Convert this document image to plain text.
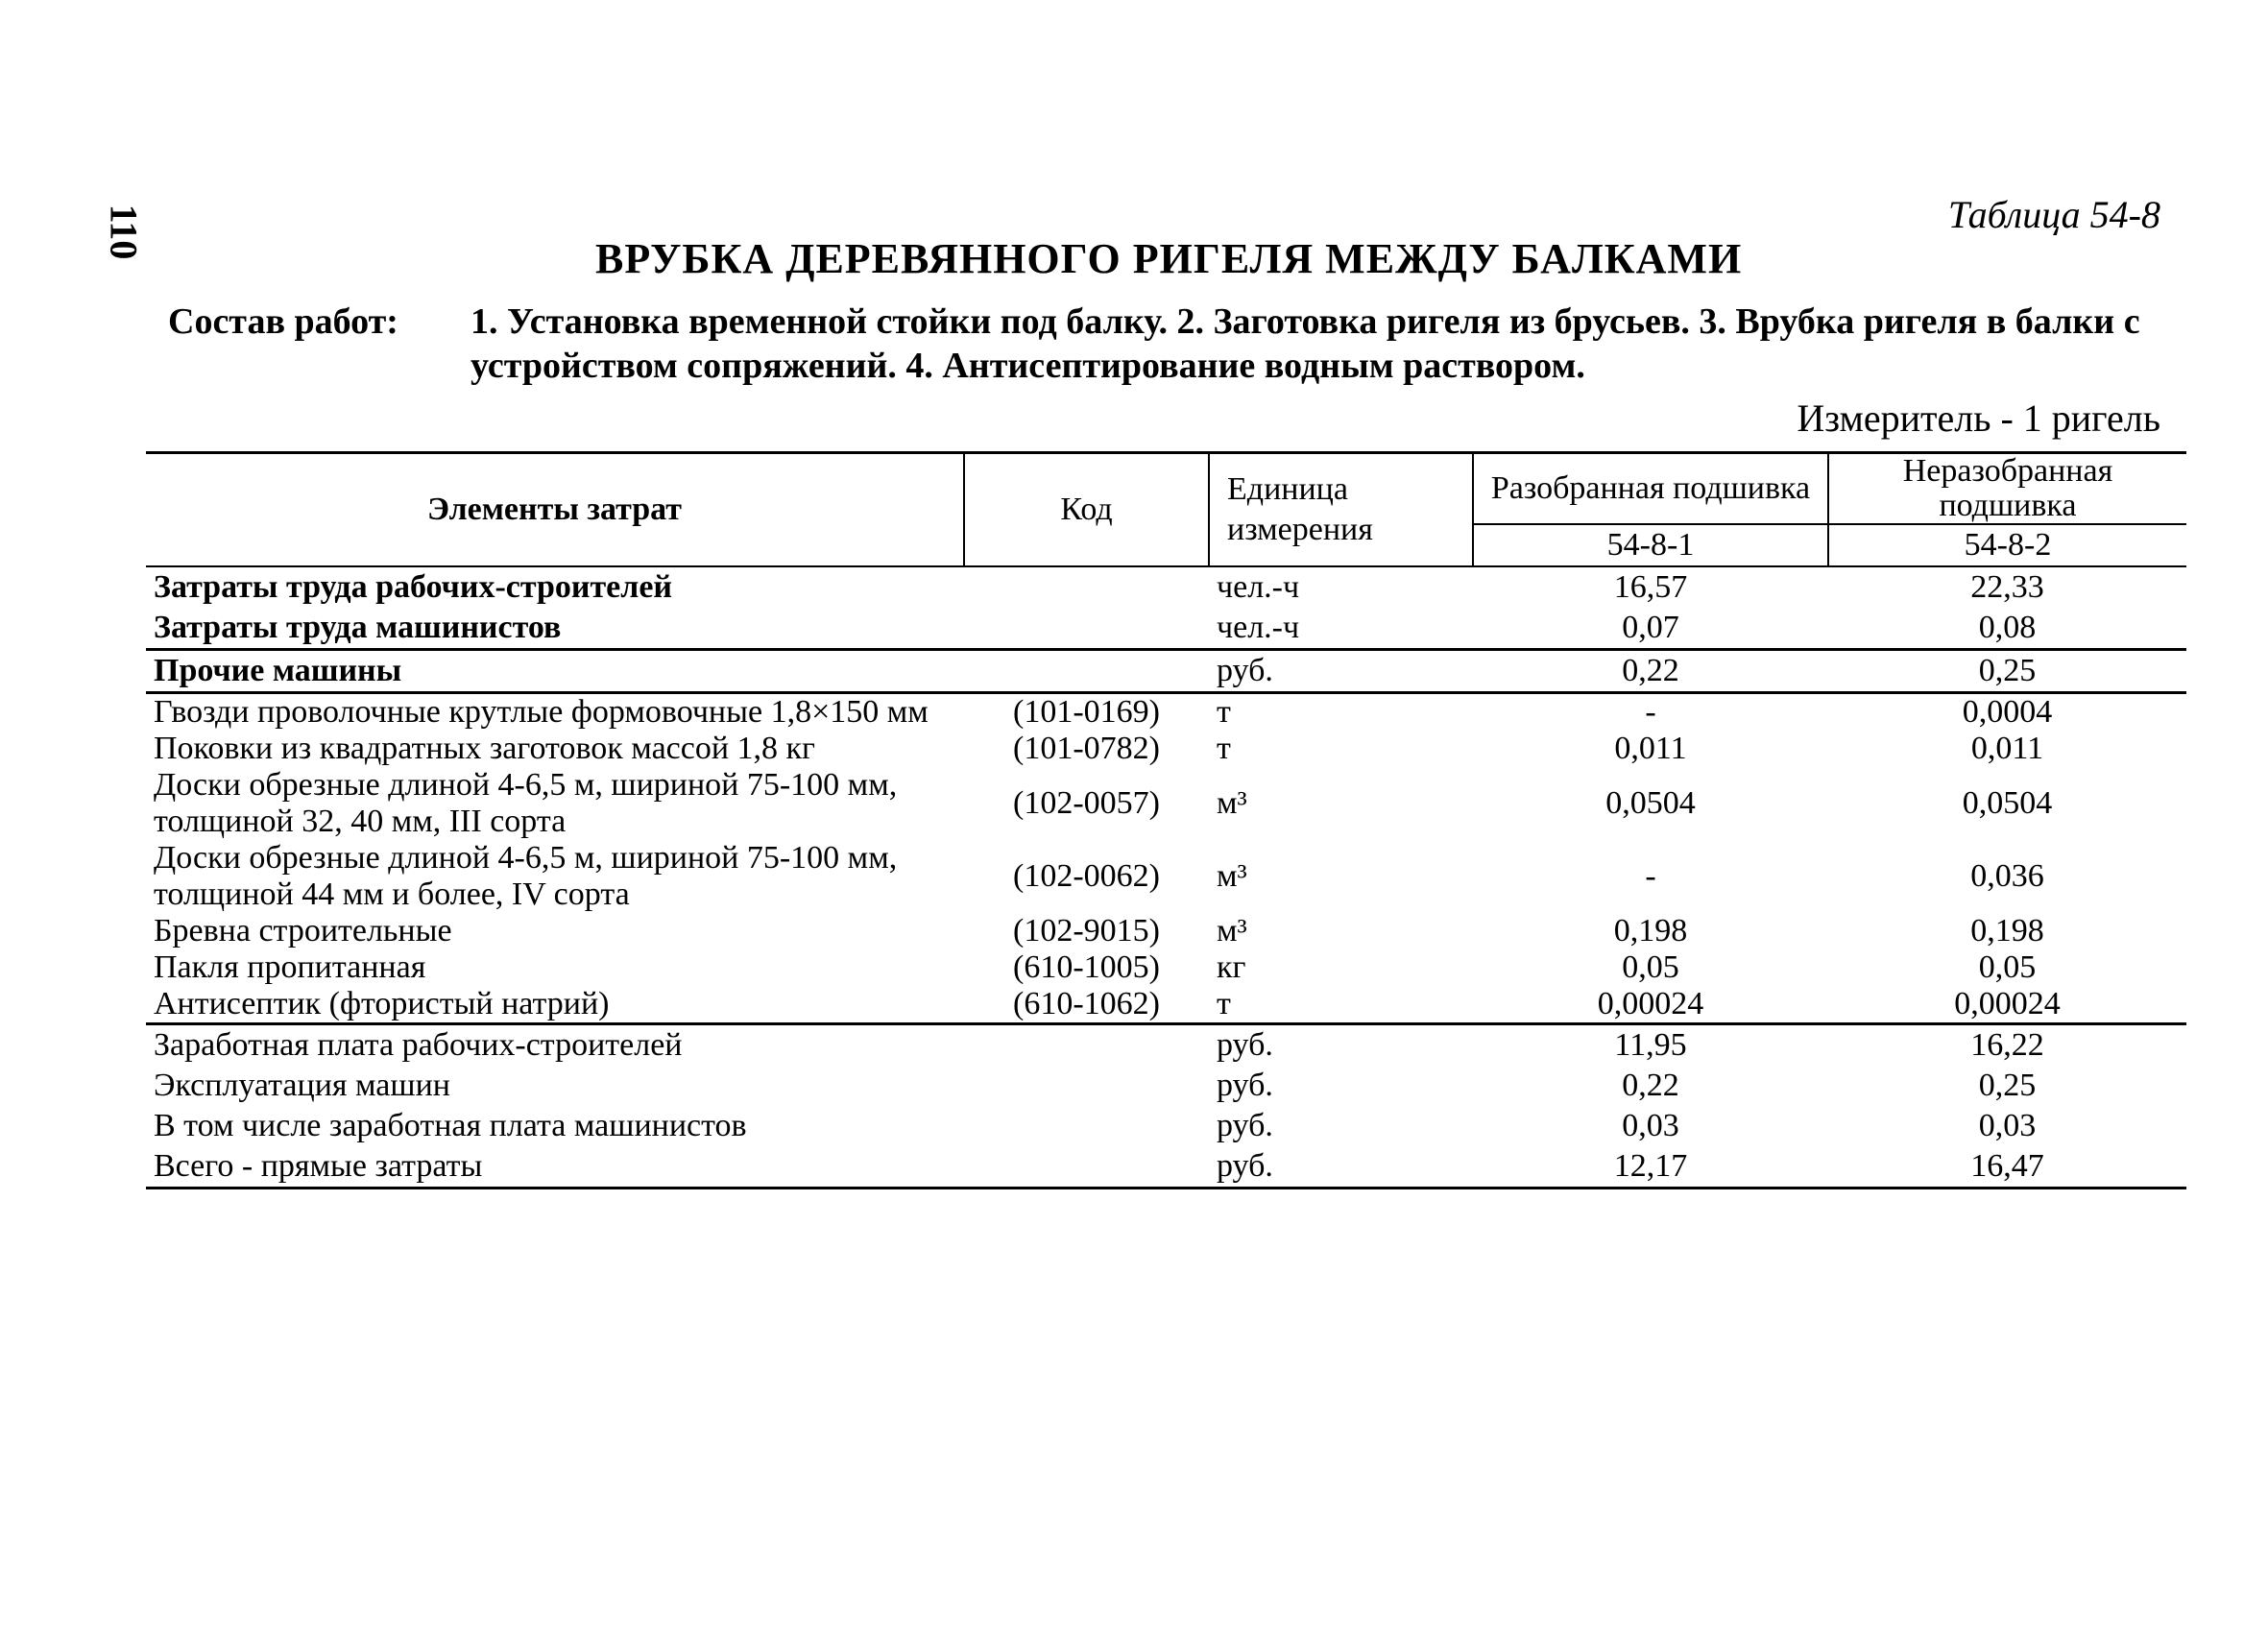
110	Таблица 54-8
ВРУБКА ДЕРЕВЯННОГО РИГЕЛЯ МЕЖДУ БАЛКАМИ
Состав работ: 1. Установка временной стойки под балку. 2. Заготовка ригеля из брусьев. 3. Врубка ригеля в балки с устройством сопряжений. 4. Антисептирование водным раствором.
Измеритель - 1 ригель
Элементы затрат	Код	Единица измерения	Разобранная подшивка	Неразобранная подшивка
			54-8-1	54-8-2
Затраты труда рабочих-строителей		чел.-ч	16,57	22,33
Затраты труда машинистов		чел.-ч	0,07	0,08
Прочие машины		руб.	0,22	0,25
Гвозди проволочные крутлые формовочные 1,8×150 мм	(101-0169)	т	-	0,0004
Поковки из квадратных заготовок массой 1,8 кг	(101-0782)	т	0,011	0,011
Доски обрезные длиной 4-6,5 м, шириной 75-100 мм, толщиной 32, 40 мм, III сорта	(102-0057)	м³	0,0504	0,0504
Доски обрезные длиной 4-6,5 м, шириной 75-100 мм, толщиной 44 мм и более, IV сорта	(102-0062)	м³	-	0,036
Бревна строительные	(102-9015)	м³	0,198	0,198
Пакля пропитанная	(610-1005)	кг	0,05	0,05
Антисептик (фтористый натрий)	(610-1062)	т	0,00024	0,00024
Заработная плата рабочих-строителей		руб.	11,95	16,22
Эксплуатация машин		руб.	0,22	0,25
В том числе заработная плата машинистов		руб.	0,03	0,03
Всего - прямые затраты		руб.	12,17	16,47
